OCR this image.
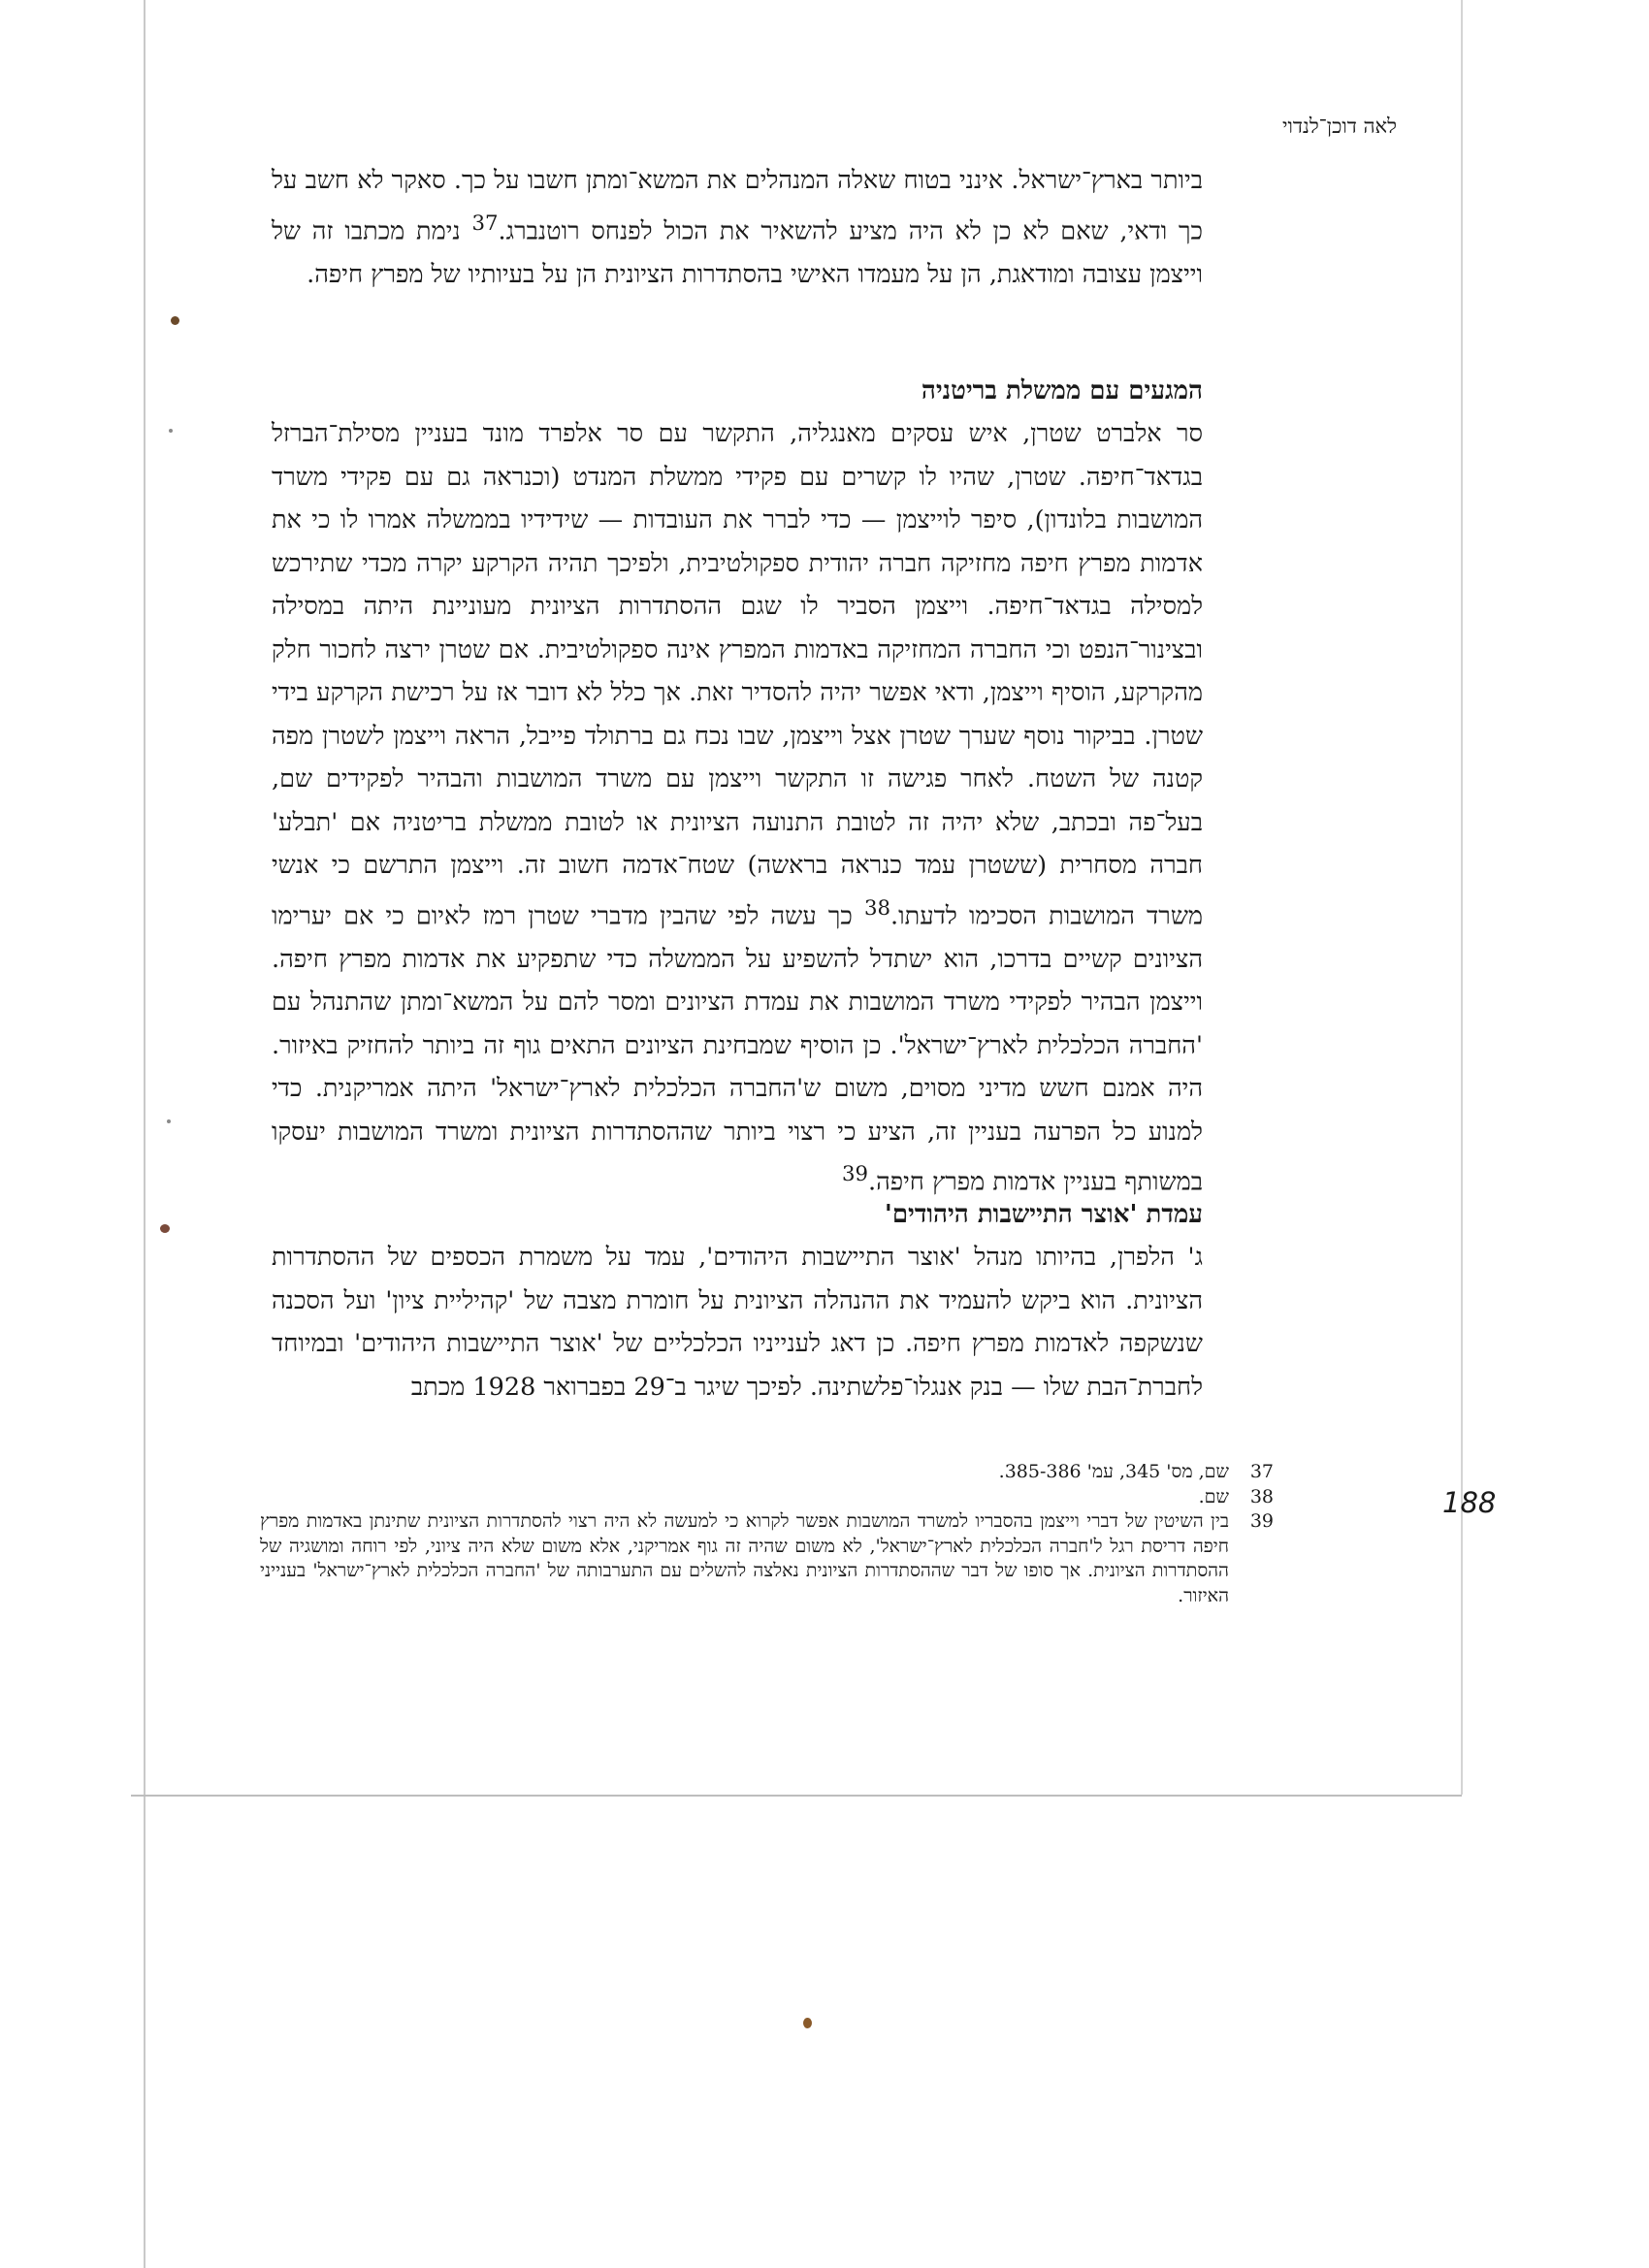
לאה דוכן־לנדוי

ביותר בארץ־ישראל. אינני בטוח שאלה המנהלים את המשא־ומתן חשבו על כך. סאקר לא חשב על כך ודאי, שאם לא כן לא היה מציע להשאיר את הכול לפנחס רוטנברג.$^{37}$ נימת מכתבו זה של וייצמן עצובה ומודאגת, הן על מעמדו האישי בהסתדרות הציונית הן על בעיותיו של מפרץ חיפה.

המגעים עם ממשלת בריטניה

סר אלברט שטרן, איש עסקים מאנגליה, התקשר עם סר אלפרד מונד בעניין מסילת־הברזל בגדאד־חיפה. שטרן, שהיו לו קשרים עם פקידי ממשלת המנדט (וכנראה גם עם פקידי משרד המושבות בלונדון), סיפר לוייצמן — כדי לברר את העובדות — שידידיו בממשלה אמרו לו כי את אדמות מפרץ חיפה מחזיקה חברה יהודית ספקולטיבית, ולפיכך תהיה הקרקע יקרה מכדי שתירכש למסילה בגדאד־חיפה. וייצמן הסביר לו שגם ההסתדרות הציונית מעוניינת היתה במסילה ובצינור־הנפט וכי החברה המחזיקה באדמות המפרץ אינה ספקולטיבית. אם שטרן ירצה לחכור חלק מהקרקע, הוסיף וייצמן, ודאי אפשר יהיה להסדיר זאת. אך כלל לא דובר אז על רכישת הקרקע בידי שטרן. בביקור נוסף שערך שטרן אצל וייצמן, שבו נכח גם ברתולד פייבל, הראה וייצמן לשטרן מפה קטנה של השטח. לאחר פגישה זו התקשר וייצמן עם משרד המושבות והבהיר לפקידים שם, בעל־פה ובכתב, שלא יהיה זה לטובת התנועה הציונית או לטובת ממשלת בריטניה אם 'תבלע' חברה מסחרית (ששטרן עמד כנראה בראשה) שטח־אדמה חשוב זה. וייצמן התרשם כי אנשי משרד המושבות הסכימו לדעתו.$^{38}$ כך עשה לפי שהבין מדברי שטרן רמז לאיום כי אם יערימו הציונים קשיים בדרכו, הוא ישתדל להשפיע על הממשלה כדי שתפקיע את אדמות מפרץ חיפה. וייצמן הבהיר לפקידי משרד המושבות את עמדת הציונים ומסר להם על המשא־ומתן שהתנהל עם 'החברה הכלכלית לארץ־ישראל'. כן הוסיף שמבחינת הציונים התאים גוף זה ביותר להחזיק באיזור. היה אמנם חשש מדיני מסוים, משום ש'החברה הכלכלית לארץ־ישראל' היתה אמריקנית. כדי למנוע כל הפרעה בעניין זה, הציע כי רצוי ביותר שההסתדרות הציונית ומשרד המושבות יעסקו במשותף בעניין אדמות מפרץ חיפה.$^{39}$

עמדת 'אוצר התיישבות היהודים'

ג' הלפרן, בהיותו מנהל 'אוצר התיישבות היהודים', עמד על משמרת הכספים של ההסתדרות הציונית. הוא ביקש להעמיד את ההנהלה הציונית על חומרת מצבה של 'קהיליית ציון' ועל הסכנה שנשקפה לאדמות מפרץ חיפה. כן דאג לענייניו הכלכליים של 'אוצר התיישבות היהודים' ובמיוחד לחברת־הבת שלו — בנק אנגלו־פלשתינה. לפיכך שיגר ב־29 בפברואר 1928 מכתב

37
שם, מס' 345, עמ' 385-386.
38
שם.
39
בין השיטין של דברי וייצמן בהסבריו למשרד המושבות אפשר לקרוא כי למעשה לא היה רצוי להסתדרות הציונית שתינתן באדמות מפרץ חיפה דריסת רגל ל'חברה הכלכלית לארץ־ישראל', לא משום שהיה זה גוף אמריקני, אלא משום שלא היה ציוני, לפי רוחה ומושגיה של ההסתדרות הציונית. אך סופו של דבר שההסתדרות הציונית נאלצה להשלים עם התערבותה של 'החברה הכלכלית לארץ־ישראל' בענייני האיזור.
188
